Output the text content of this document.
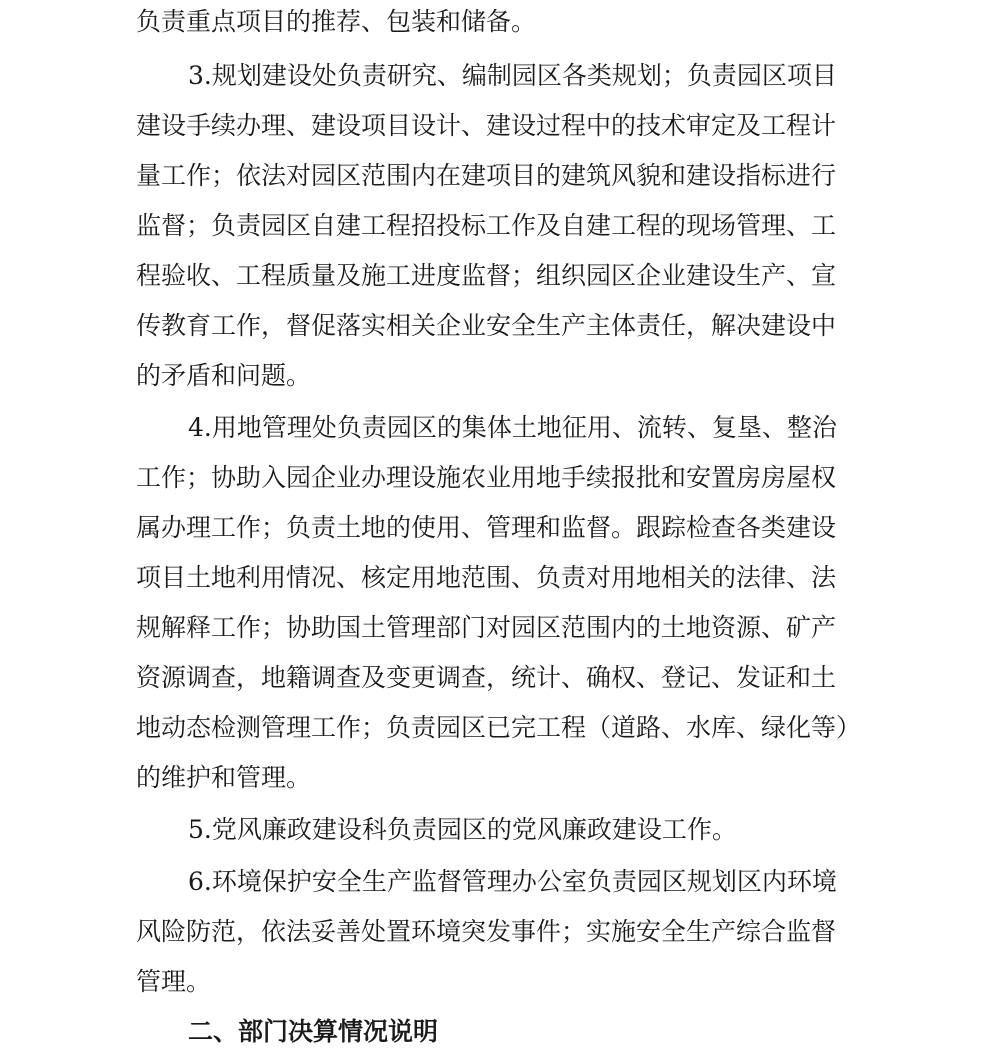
负责重点项目的推荐、包装和储备。
3.规划建设处负责研究、编制园区各类规划；负责园区项目
建设手续办理、建设项目设计、建设过程中的技术审定及工程计
量工作；依法对园区范围内在建项目的建筑风貌和建设指标进行
监督；负责园区自建工程招投标工作及自建工程的现场管理、工
程验收、工程质量及施工进度监督；组织园区企业建设生产、宣
传教育工作，督促落实相关企业安全生产主体责任，解决建设中
的矛盾和问题。
4.用地管理处负责园区的集体土地征用、流转、复垦、整治
工作；协助入园企业办理设施农业用地手续报批和安置房房屋权
属办理工作；负责土地的使用、管理和监督。跟踪检查各类建设
项目土地利用情况、核定用地范围、负责对用地相关的法律、法
规解释工作；协助国土管理部门对园区范围内的土地资源、矿产
资源调查，地籍调查及变更调查，统计、确权、登记、发证和土
地动态检测管理工作；负责园区已完工程（道路、水库、绿化等）
的维护和管理。
5.党风廉政建设科负责园区的党风廉政建设工作。
6.环境保护安全生产监督管理办公室负责园区规划区内环境
风险防范，依法妥善处置环境突发事件；实施安全生产综合监督
管理。
二、部门决算情况说明
